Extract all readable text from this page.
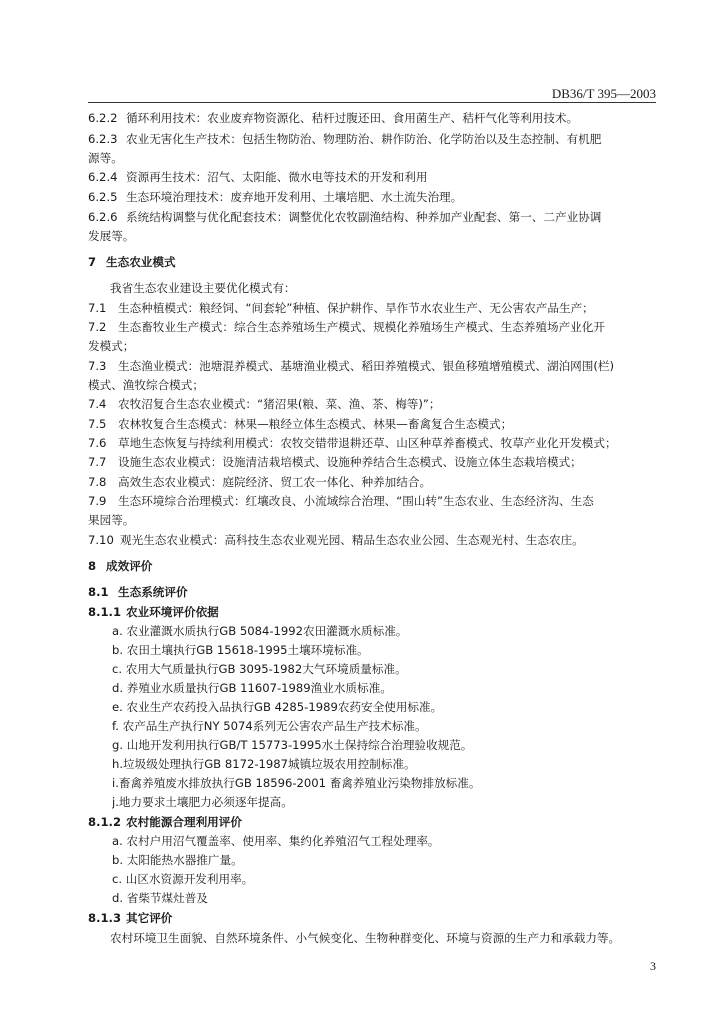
DB36/T 395—2003
6.2.2 循环利用技术：农业废弃物资源化、秸杆过腹还田、食用菌生产、秸杆气化等利用技术。
6.2.3 农业无害化生产技术：包括生物防治、物理防治、耕作防治、化学防治以及生态控制、有机肥
源等。
6.2.4 资源再生技术：沼气、太阳能、微水电等技术的开发和利用
6.2.5 生态环境治理技术：废弃地开发利用、土壤培肥、水土流失治理。
6.2.6 系统结构调整与优化配套技术：调整优化农牧副渔结构、种养加产业配套、第一、二产业协调
发展等。
7 生态农业模式
我省生态农业建设主要优化模式有：
7.1 生态种植模式：粮经饲、“间套轮”种植、保护耕作、旱作节水农业生产、无公害农产品生产；
7.2 生态畜牧业生产模式：综合生态养殖场生产模式、规模化养殖场生产模式、生态养殖场产业化开
发模式；
7.3 生态渔业模式：池塘混养模式、基塘渔业模式、稻田养殖模式、银鱼移殖增殖模式、湖泊网围(栏)
模式、渔牧综合模式；
7.4 农牧沼复合生态农业模式：“猪沼果(粮、菜、渔、茶、梅等)”；
7.5 农林牧复合生态模式：林果—粮经立体生态模式、林果—畜禽复合生态模式；
7.6 草地生态恢复与持续利用模式：农牧交错带退耕还草、山区种草养畜模式、牧草产业化开发模式；
7.7 设施生态农业模式：设施清洁栽培模式、设施种养结合生态模式、设施立体生态栽培模式；
7.8 高效生态农业模式：庭院经济、贸工农一体化、种养加结合。
7.9 生态环境综合治理模式：红壤改良、小流域综合治理、“围山转”生态农业、生态经济沟、生态
果园等。
7.10 观光生态农业模式：高科技生态农业观光园、精品生态农业公园、生态观光村、生态农庄。
8 成效评价
8.1 生态系统评价
8.1.1 农业环境评价依据
a. 农业灌溉水质执行GB 5084-1992农田灌溉水质标准。
b. 农田土壤执行GB 15618-1995土壤环境标准。
c. 农用大气质量执行GB 3095-1982大气环境质量标准。
d. 养殖业水质量执行GB 11607-1989渔业水质标准。
e. 农业生产农药投入品执行GB 4285-1989农药安全使用标准。
f. 农产品生产执行NY 5074系列无公害农产品生产技术标准。
g. 山地开发利用执行GB/T 15773-1995水土保持综合治理验收规范。
h.垃圾级处理执行GB 8172-1987城镇垃圾农用控制标准。
i.畜禽养殖废水排放执行GB 18596-2001 畜禽养殖业污染物排放标准。
j.地力要求土壤肥力必须逐年提高。
8.1.2 农村能源合理利用评价
a. 农村户用沼气覆盖率、使用率、集约化养殖沼气工程处理率。
b. 太阳能热水器推广量。
c. 山区水资源开发利用率。
d. 省柴节煤灶普及
8.1.3 其它评价
农村环境卫生面貌、自然环境条件、小气候变化、生物种群变化、环境与资源的生产力和承载力等。
3
